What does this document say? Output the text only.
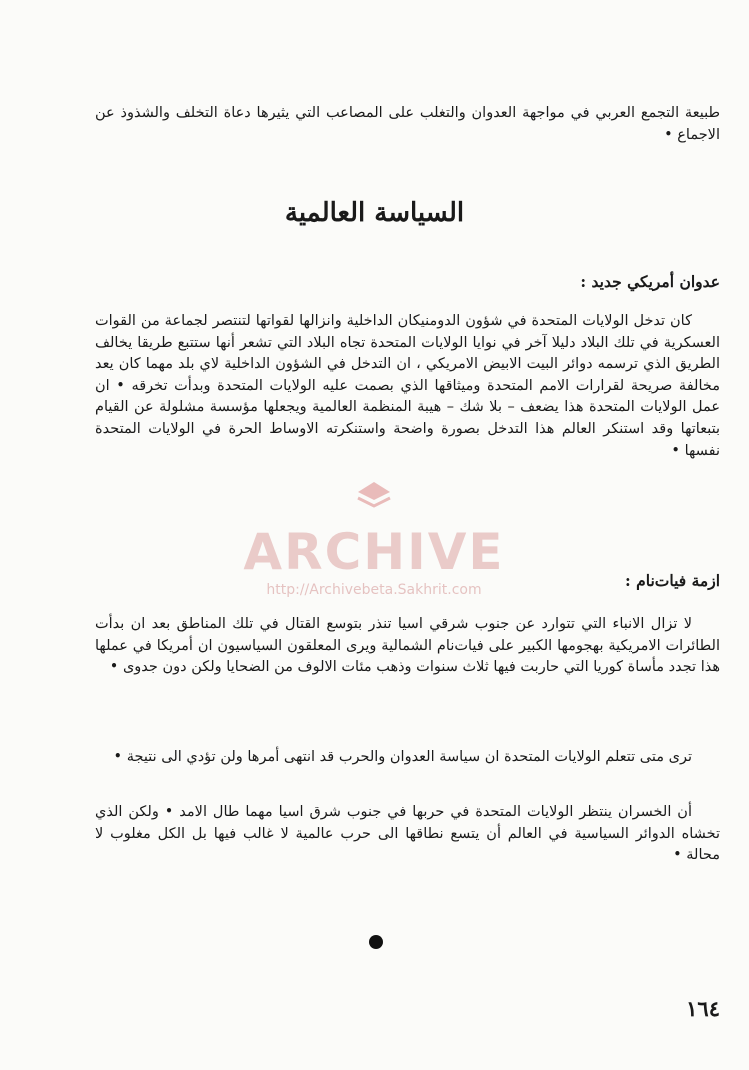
طبيعة التجمع العربي في مواجهة العدوان والتغلب على المصاعب التي يثيرها دعاة التخلف والشذوذ عن الاجماع •

السياسة العالمية
عدوان أمريكي جديد :

كان تدخل الولايات المتحدة في شؤون الدومنيكان الداخلية وانزالها لقواتها لتنتصر لجماعة من القوات العسكرية في تلك البلاد دليلا آخر في نوايا الولايات المتحدة تجاه البلاد التي تشعر أنها ستتبع طريقا يخالف الطريق الذي ترسمه دوائر البيت الابيض الامريكي ، ان التدخل في الشؤون الداخلية لاي بلد مهما كان يعد مخالفة صريحة لقرارات الامم المتحدة وميثاقها الذي بصمت عليه الولايات المتحدة وبدأت تخرقه • ان عمل الولايات المتحدة هذا يضعف – بلا شك – هيبة المنظمة العالمية ويجعلها مؤسسة مشلولة عن القيام بتبعاتها وقد استنكر العالم هذا التدخل بصورة واضحة واستنكرته الاوساط الحرة في الولايات المتحدة نفسها •

ARCHIVE
http://Archivebeta.Sakhrit.com	ازمة فيات‌نام :

لا تزال الانباء التي تتوارد عن جنوب شرقي اسيا تنذر بتوسع القتال في تلك المناطق بعد ان بدأت الطائرات الامريكية بهجومها الكبير على فيات‌نام الشمالية ويرى المعلقون السياسيون ان أمريكا في عملها هذا تجدد مأساة كوريا التي حاربت فيها ثلاث سنوات وذهب مئات الالوف من الضحايا ولكن دون جدوى •

ترى متى تتعلم الولايات المتحدة ان سياسة العدوان والحرب قد انتهى أمرها ولن تؤدي الى نتيجة •

أن الخسران ينتظر الولايات المتحدة في حربها في جنوب شرق اسيا مهما طال الامد • ولكن الذي تخشاه الدوائر السياسية في العالم أن يتسع نطاقها الى حرب عالمية لا غالب فيها بل الكل مغلوب لا محالة •

١٦٤
